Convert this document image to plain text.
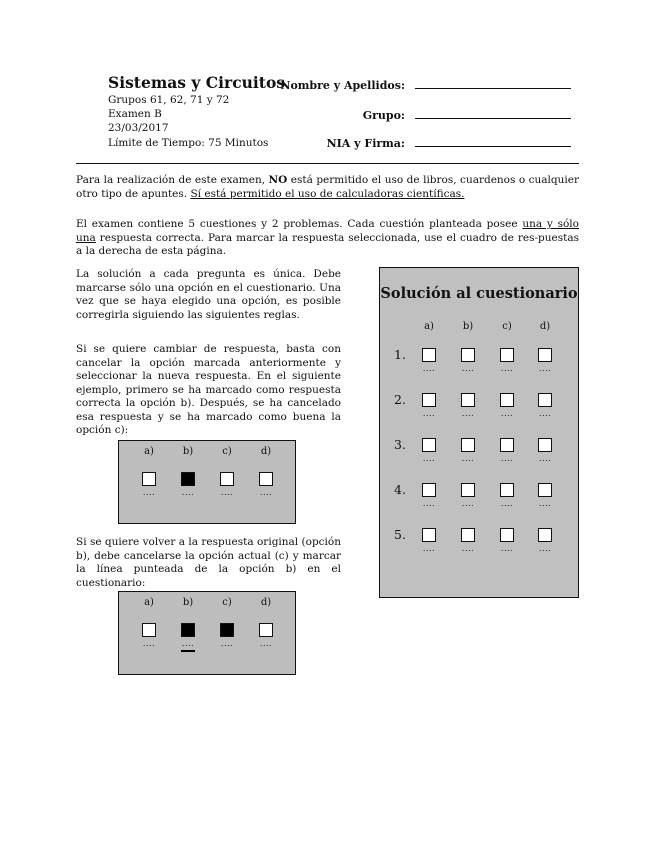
Sistemas y Circuitos
Grupos 61, 62, 71 y 72
Examen B
23/03/2017
Límite de Tiempo: 75 Minutos
Nombre y Apellidos:
Grupo:
NIA y Firma:
Para la realización de este examen, NO está permitido el uso de libros, cuardenos o cualquier otro tipo de apuntes. Sí está permitido el uso de calculadoras científicas.
El examen contiene 5 cuestiones y 2 problemas. Cada cuestión planteada posee una y sólo una respuesta correcta. Para marcar la respuesta seleccionada, use el cuadro de res-puestas a la derecha de esta página.
La solución a cada pregunta es única. Debe marcarse sólo una opción en el cuestionario. Una vez que se haya elegido una opción, es posible corregirla siguiendo las siguientes reglas.
Si se quiere cambiar de respuesta, basta con cancelar la opción marcada anteriormente y seleccionar la nueva respuesta. En el siguiente ejemplo, primero se ha marcado como respuesta correcta la opción b). Después, se ha cancelado esa respuesta y se ha marcado como buena la opción c):
a)
....
b)
....
c)
....
d)
....
Si se quiere volver a la respuesta original (opción b), debe cancelarse la opción actual (c) y marcar la línea punteada de la opción b) en el cuestionario:
a)
....
b)
....
c)
....
d)
....
Solución al cuestionario
a)	b)	c)	d)
1.
....	....	....	....
2.
....	....	....	....
3.
....	....	....	....
4.
....	....	....	....
5.
....	....	....	....
